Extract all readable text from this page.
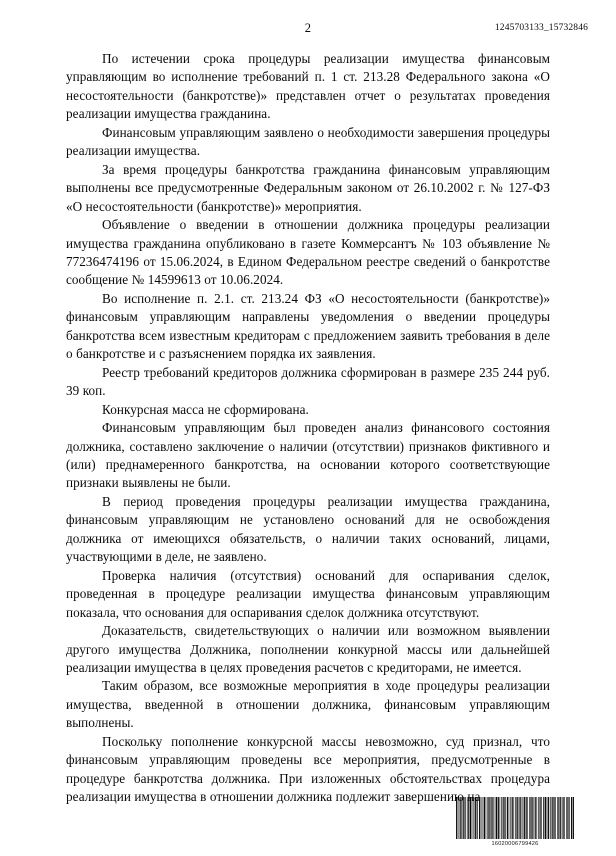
2	1245703133_15732846

По истечении срока процедуры реализации имущества финансовым управляющим во исполнение требований п. 1 ст. 213.28 Федерального закона «О несостоятельности (банкротстве)» представлен отчет о результатах проведения реализации имущества гражданина.

Финансовым управляющим заявлено о необходимости завершения процедуры реализации имущества.

За время процедуры банкротства гражданина финансовым управляющим выполнены все предусмотренные Федеральным законом от 26.10.2002 г. № 127-ФЗ «О несостоятельности (банкротстве)» мероприятия.

Объявление о введении в отношении должника процедуры реализации имущества гражданина опубликовано в газете Коммерсантъ № 103 объявление № 77236474196 от 15.06.2024, в Едином Федеральном реестре сведений о банкротстве сообщение № 14599613 от 10.06.2024.

Во исполнение п. 2.1. ст. 213.24 ФЗ «О несостоятельности (банкротстве)» финансовым управляющим направлены уведомления о введении процедуры банкротства всем известным кредиторам с предложением заявить требования в деле о банкротстве и с разъяснением порядка их заявления.

Реестр требований кредиторов должника сформирован в размере 235 244 руб. 39 коп.

Конкурсная масса не сформирована.

Финансовым управляющим был проведен анализ финансового состояния должника, составлено заключение о наличии (отсутствии) признаков фиктивного и (или) преднамеренного банкротства, на основании которого соответствующие признаки выявлены не были.

В период проведения процедуры реализации имущества гражданина, финансовым управляющим не установлено оснований для не освобождения должника от имеющихся обязательств, о наличии таких оснований, лицами, участвующими в деле, не заявлено.

Проверка наличия (отсутствия) оснований для оспаривания сделок, проведенная в процедуре реализации имущества финансовым управляющим показала, что основания для оспаривания сделок должника отсутствуют.

Доказательств, свидетельствующих о наличии или возможном выявлении другого имущества Должника, пополнении конкурной массы или дальнейшей реализации имущества в целях проведения расчетов с кредиторами, не имеется.

Таким образом, все возможные мероприятия в ходе процедуры реализации имущества, введенной в отношении должника, финансовым управляющим выполнены.

Поскольку пополнение конкурсной массы невозможно, суд признал, что финансовым управляющим проведены все мероприятия, предусмотренные в процедуре банкротства должника. При изложенных обстоятельствах процедура реализации имущества в отношении должника подлежит завершению на

16020006799426
